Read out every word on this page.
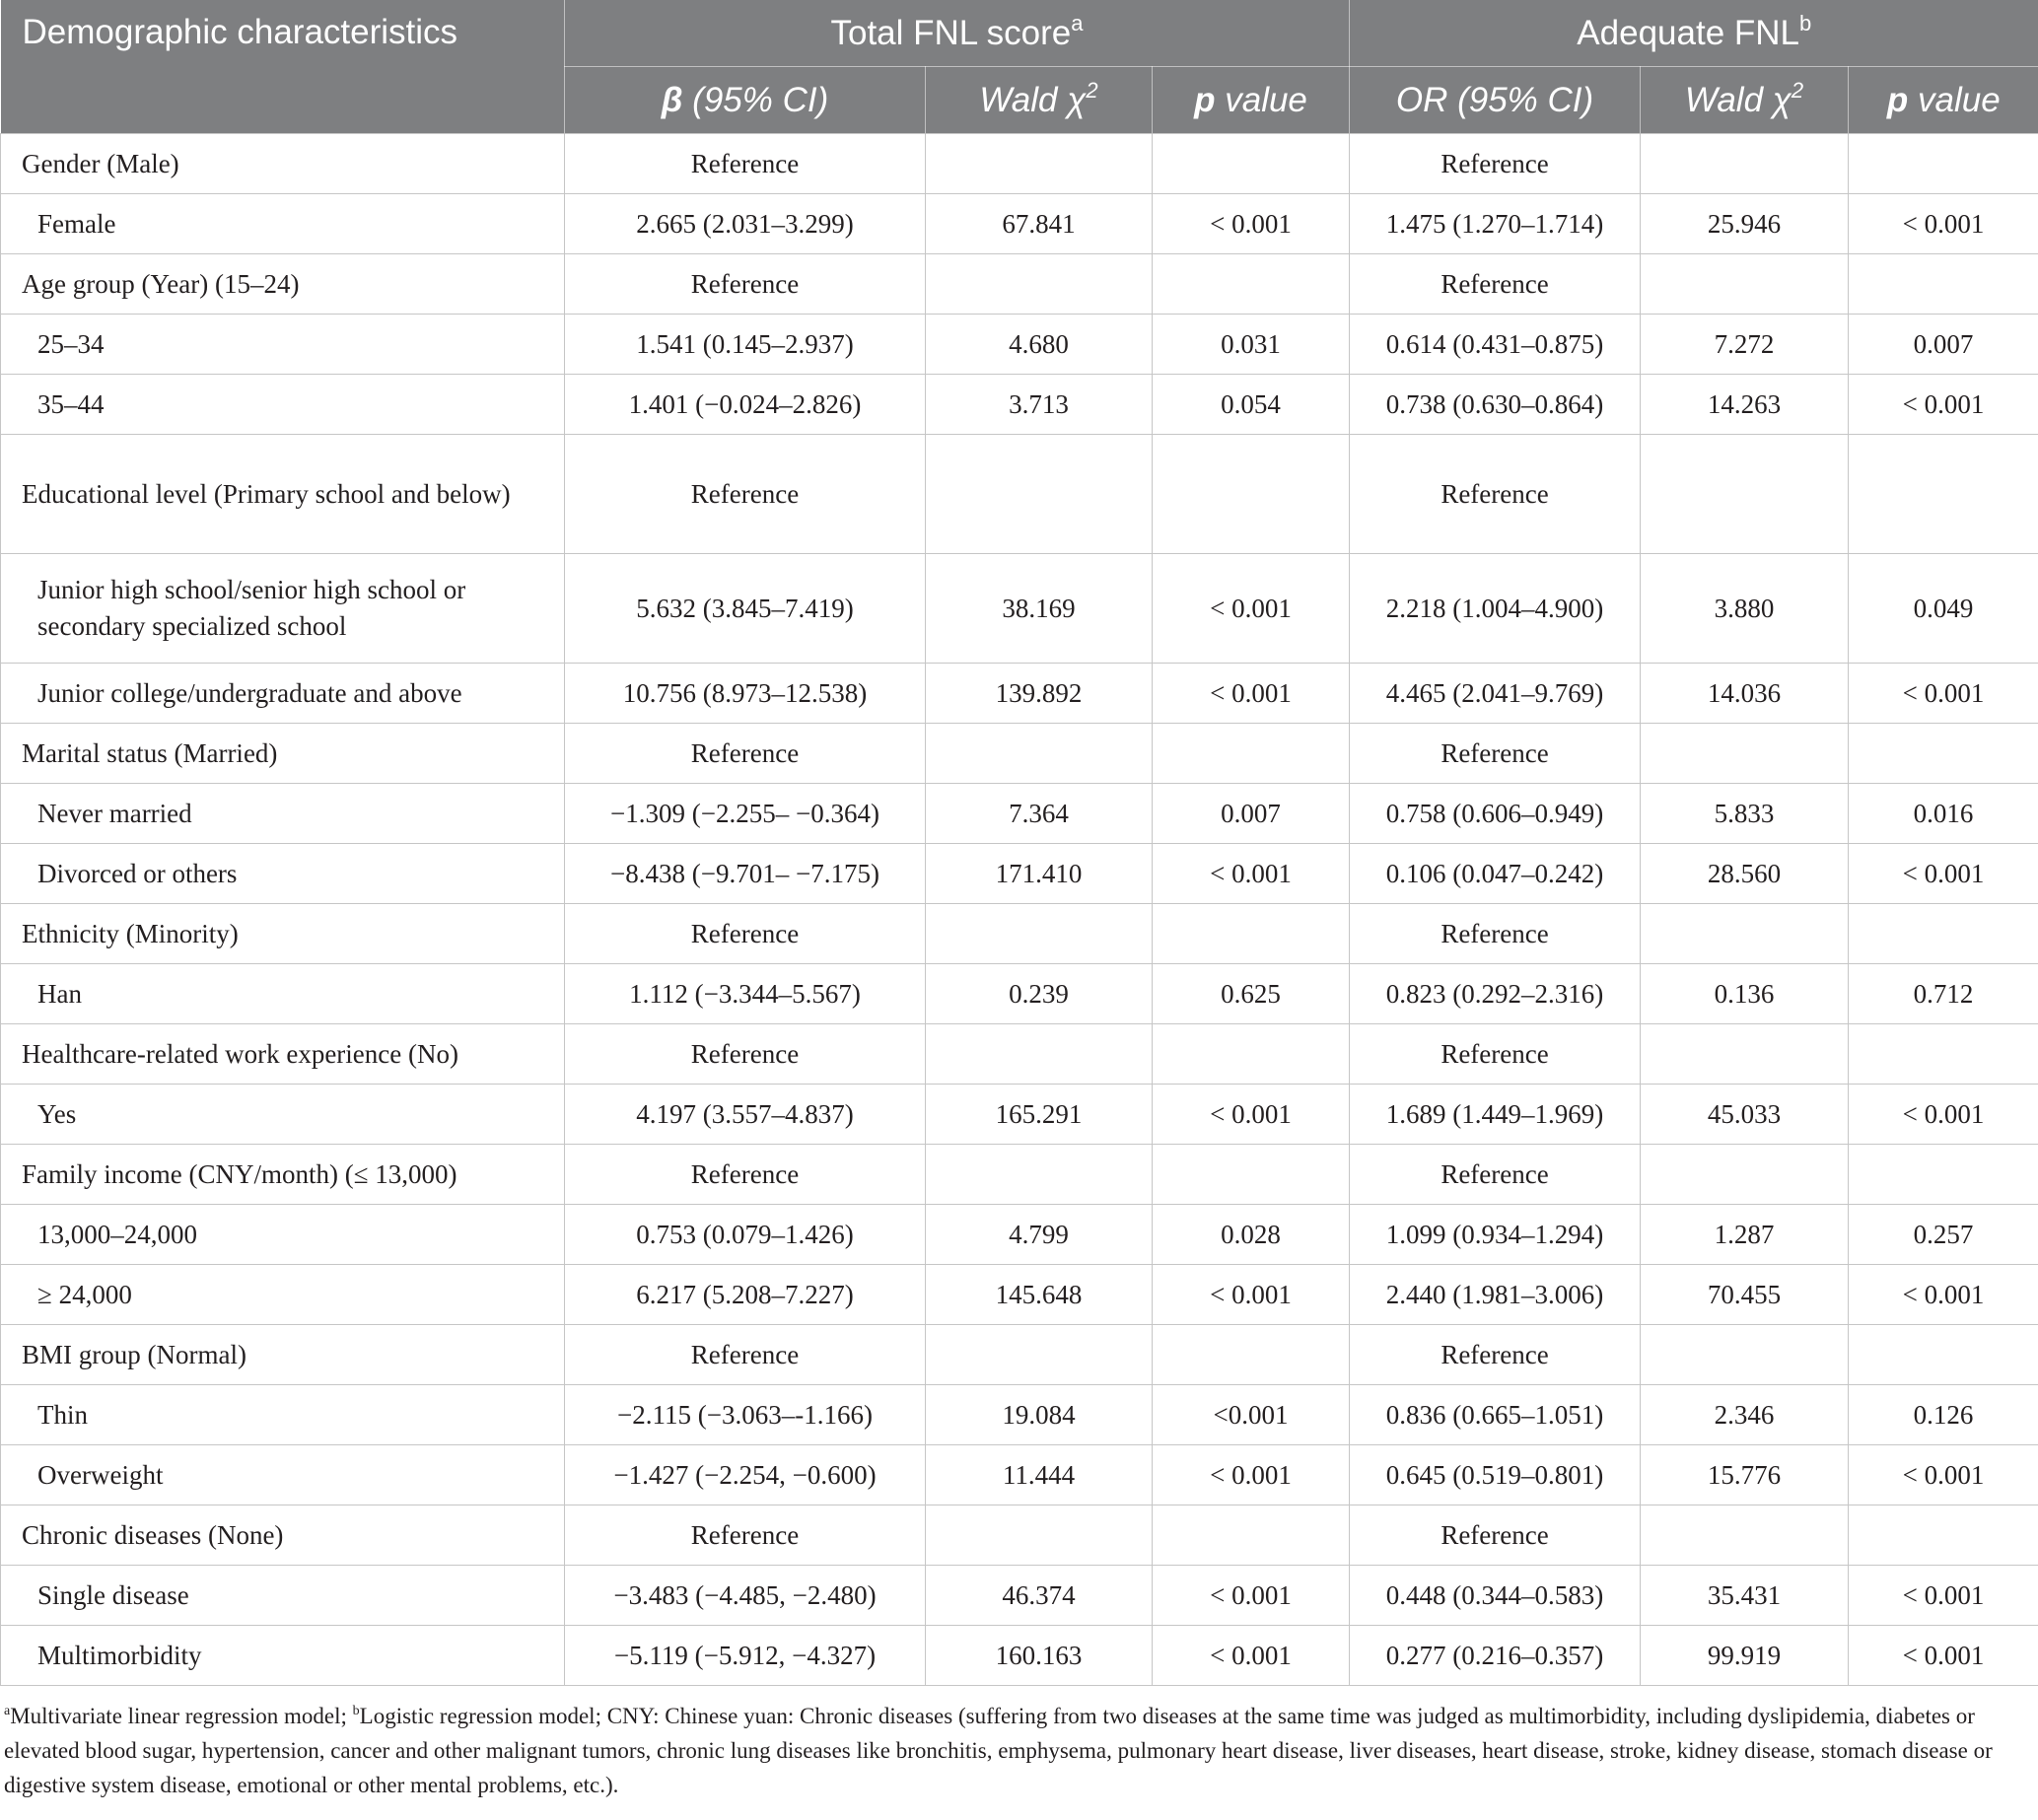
Demographic characteristics	Total FNL score$^a$			Adequate FNL$^b$
	β (95% CI)	Wald $\chi^2$	p value	OR (95% CI)	Wald $\chi^2$	p value
Gender (Male)	Reference			Reference		
Female	2.665 (2.031–3.299)	67.841	< 0.001	1.475 (1.270–1.714)	25.946	< 0.001
Age group (Year) (15–24)	Reference			Reference		
25–34	1.541 (0.145–2.937)	4.680	0.031	0.614 (0.431–0.875)	7.272	0.007
35–44	1.401 (−0.024–2.826)	3.713	0.054	0.738 (0.630–0.864)	14.263	< 0.001
Educational level (Primary school and below)	Reference			Reference		
Junior high school/senior high school or secondary specialized school	5.632 (3.845–7.419)	38.169	< 0.001	2.218 (1.004–4.900)	3.880	0.049
Junior college/undergraduate and above	10.756 (8.973–12.538)	139.892	< 0.001	4.465 (2.041–9.769)	14.036	< 0.001
Marital status (Married)	Reference			Reference		
Never married	−1.309 (−2.255– −0.364)	7.364	0.007	0.758 (0.606–0.949)	5.833	0.016
Divorced or others	−8.438 (−9.701– −7.175)	171.410	< 0.001	0.106 (0.047–0.242)	28.560	< 0.001
Ethnicity (Minority)	Reference			Reference		
Han	1.112 (−3.344–5.567)	0.239	0.625	0.823 (0.292–2.316)	0.136	0.712
Healthcare-related work experience (No)	Reference			Reference		
Yes	4.197 (3.557–4.837)	165.291	< 0.001	1.689 (1.449–1.969)	45.033	< 0.001
Family income (CNY/month) (≤ 13,000)	Reference			Reference		
13,000–24,000	0.753 (0.079–1.426)	4.799	0.028	1.099 (0.934–1.294)	1.287	0.257
≥ 24,000	6.217 (5.208–7.227)	145.648	< 0.001	2.440 (1.981–3.006)	70.455	< 0.001
BMI group (Normal)	Reference			Reference		
Thin	−2.115 (−3.063–-1.166)	19.084	<0.001	0.836 (0.665–1.051)	2.346	0.126
Overweight	−1.427 (−2.254, −0.600)	11.444	< 0.001	0.645 (0.519–0.801)	15.776	< 0.001
Chronic diseases (None)	Reference			Reference		
Single disease	−3.483 (−4.485, −2.480)	46.374	< 0.001	0.448 (0.344–0.583)	35.431	< 0.001
Multimorbidity	−5.119 (−5.912, −4.327)	160.163	< 0.001	0.277 (0.216–0.357)	99.919	< 0.001
$^a$Multivariate linear regression model; $^b$Logistic regression model; CNY: Chinese yuan: Chronic diseases (suffering from two diseases at the same time was judged as multimorbidity, including dyslipidemia, diabetes or elevated blood sugar, hypertension, cancer and other malignant tumors, chronic lung diseases like bronchitis, emphysema, pulmonary heart disease, liver diseases, heart disease, stroke, kidney disease, stomach disease or digestive system disease, emotional or other mental problems, etc.).
